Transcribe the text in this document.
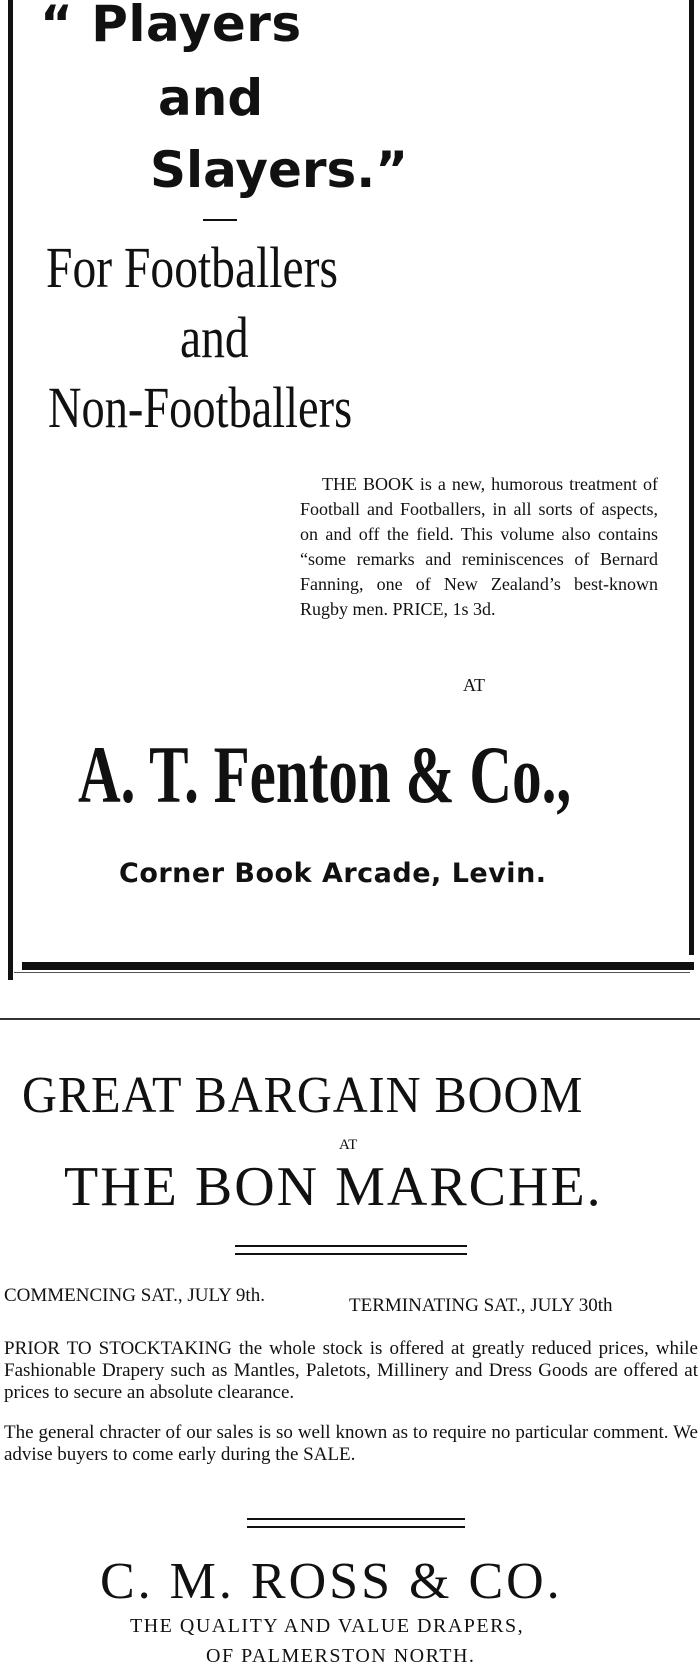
“ Players
and
Slayers.”
For Footballers
and
Non-Footballers
THE BOOK is a new, humorous treatment of Football and Footballers, in all sorts of aspects, on and off the field. This volume also contains “some remarks and reminiscences of Bernard Fanning, one of New Zealand’s best-known Rugby men. PRICE, 1s 3d.
AT
A. T. Fenton & Co.,
Corner Book Arcade, Levin.
GREAT BARGAIN BOOM
AT
THE BON MARCHE.
COMMENCING SAT., JULY 9th.	TERMINATING SAT., JULY 30th
PRIOR TO STOCKTAKING the whole stock is offered at greatly reduced prices, while Fashionable Drapery such as Mantles, Paletots, Millinery and Dress Goods are offered at prices to secure an absolute clearance.
The general chracter of our sales is so well known as to require no particular comment. We advise buyers to come early during the SALE.
C. M. ROSS & CO.
THE QUALITY AND VALUE DRAPERS,
OF PALMERSTON NORTH.
